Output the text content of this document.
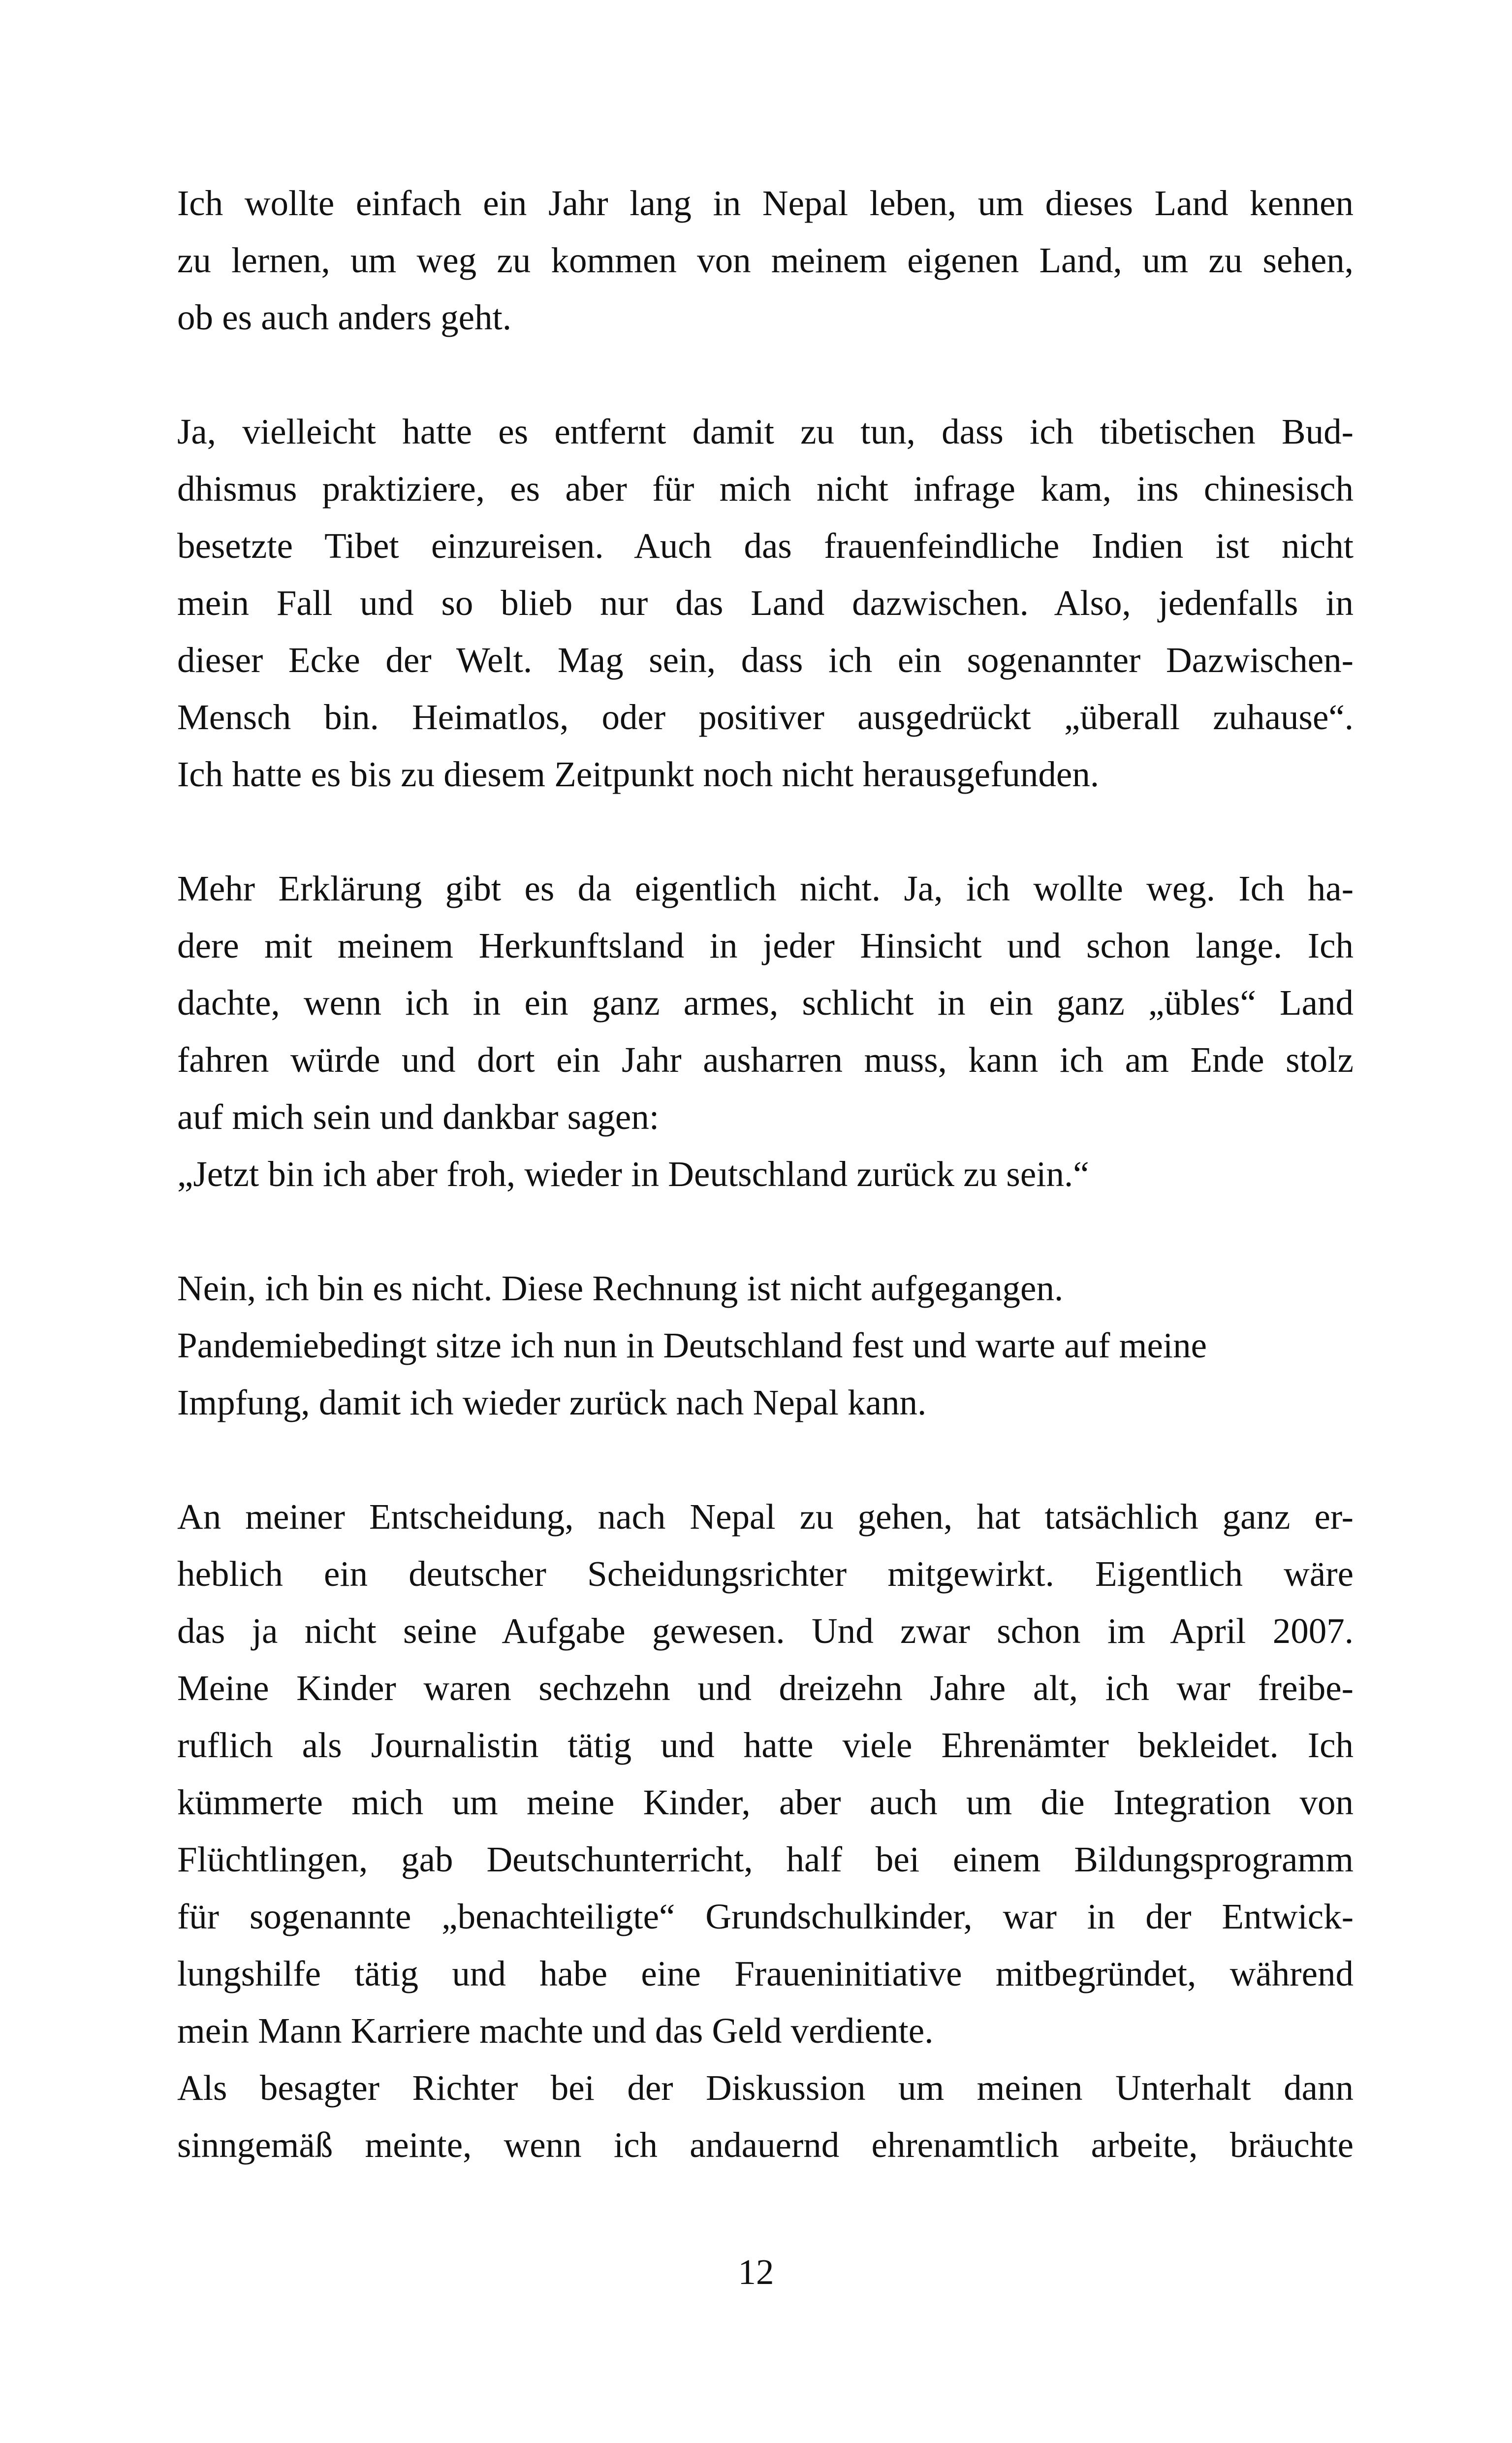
Ich wollte einfach ein Jahr lang in Nepal leben, um dieses Land kennen
zu lernen, um weg zu kommen von meinem eigenen Land, um zu sehen,
ob es auch anders geht.
Ja, vielleicht hatte es entfernt damit zu tun, dass ich tibetischen Bud-
dhismus praktiziere, es aber für mich nicht infrage kam, ins chinesisch
besetzte Tibet einzureisen. Auch das frauenfeindliche Indien ist nicht
mein Fall und so blieb nur das Land dazwischen. Also, jedenfalls in
dieser Ecke der Welt. Mag sein, dass ich ein sogenannter Dazwischen-
Mensch bin. Heimatlos, oder positiver ausgedrückt „überall zuhause“.
Ich hatte es bis zu diesem Zeitpunkt noch nicht herausgefunden.
Mehr Erklärung gibt es da eigentlich nicht. Ja, ich wollte weg. Ich ha-
dere mit meinem Herkunftsland in jeder Hinsicht und schon lange. Ich
dachte, wenn ich in ein ganz armes, schlicht in ein ganz „übles“ Land
fahren würde und dort ein Jahr ausharren muss, kann ich am Ende stolz
auf mich sein und dankbar sagen:
„Jetzt bin ich aber froh, wieder in Deutschland zurück zu sein.“
Nein, ich bin es nicht. Diese Rechnung ist nicht aufgegangen.
Pandemiebedingt sitze ich nun in Deutschland fest und warte auf meine
Impfung, damit ich wieder zurück nach Nepal kann.
An meiner Entscheidung, nach Nepal zu gehen, hat tatsächlich ganz er-
heblich ein deutscher Scheidungsrichter mitgewirkt. Eigentlich wäre
das ja nicht seine Aufgabe gewesen. Und zwar schon im April 2007.
Meine Kinder waren sechzehn und dreizehn Jahre alt, ich war freibe-
ruflich als Journalistin tätig und hatte viele Ehrenämter bekleidet. Ich
kümmerte mich um meine Kinder, aber auch um die Integration von
Flüchtlingen, gab Deutschunterricht, half bei einem Bildungsprogramm
für sogenannte „benachteiligte“ Grundschulkinder, war in der Entwick-
lungshilfe tätig und habe eine Fraueninitiative mitbegründet, während
mein Mann Karriere machte und das Geld verdiente.
Als besagter Richter bei der Diskussion um meinen Unterhalt dann
sinngemäß meinte, wenn ich andauernd ehrenamtlich arbeite, bräuchte
12
